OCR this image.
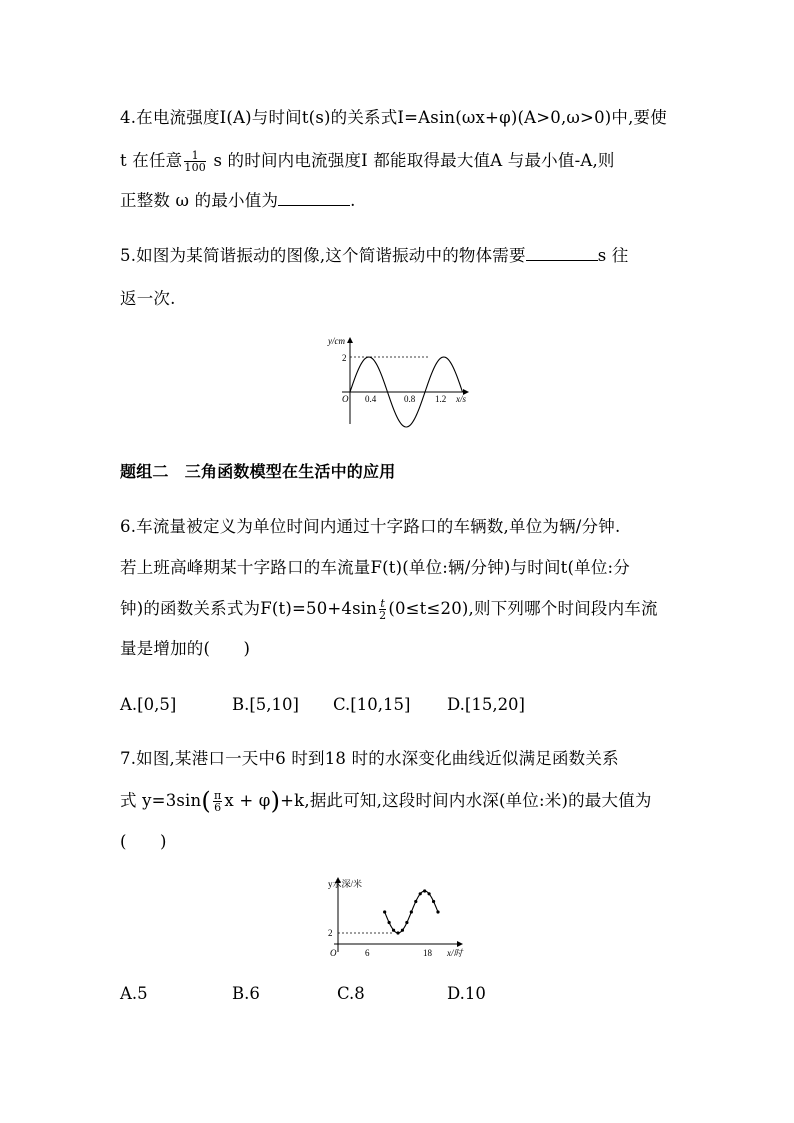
4.在电流强度I(A)与时间t(s)的关系式I=Asin(ωx+φ)(A>0,ω>0)中,要使
t 在任意 $\frac{1}{100}$ s 的时间内电流强度I 都能取得最大值A 与最小值-A,则
正整数 ω 的最小值为	.
5.如图为某简谐振动的图像,这个简谐振动中的物体需要	s 往
返一次.
y/cm
2
O 0.4	0.8 1.2 x/s
题组二　三角函数模型在生活中的应用
6.车流量被定义为单位时间内通过十字路口的车辆数,单位为辆/分钟.
若上班高峰期某十字路口的车流量F(t)(单位:辆/分钟)与时间t(单位:分
钟)的函数关系式为$F(t)=50+4\sin \frac{t}{2} (0\le t\le 20)$,则下列哪个时间段内车流
量是增加的(　　)
A.[0,5]	B.[5,10] C.[10,15] D.[15,20]
7.如图,某港口一天中6 时到18 时的水深变化曲线近似满足函数关系
式 $y=3\sin( \frac{\pi}{6}$ x + φ)+k,据此可知,这段时间内水深(单位:米)的最大值为
(　　)
y水深/米
2
O	6	18 x/时
A.5	B.6	C.8	D.10
